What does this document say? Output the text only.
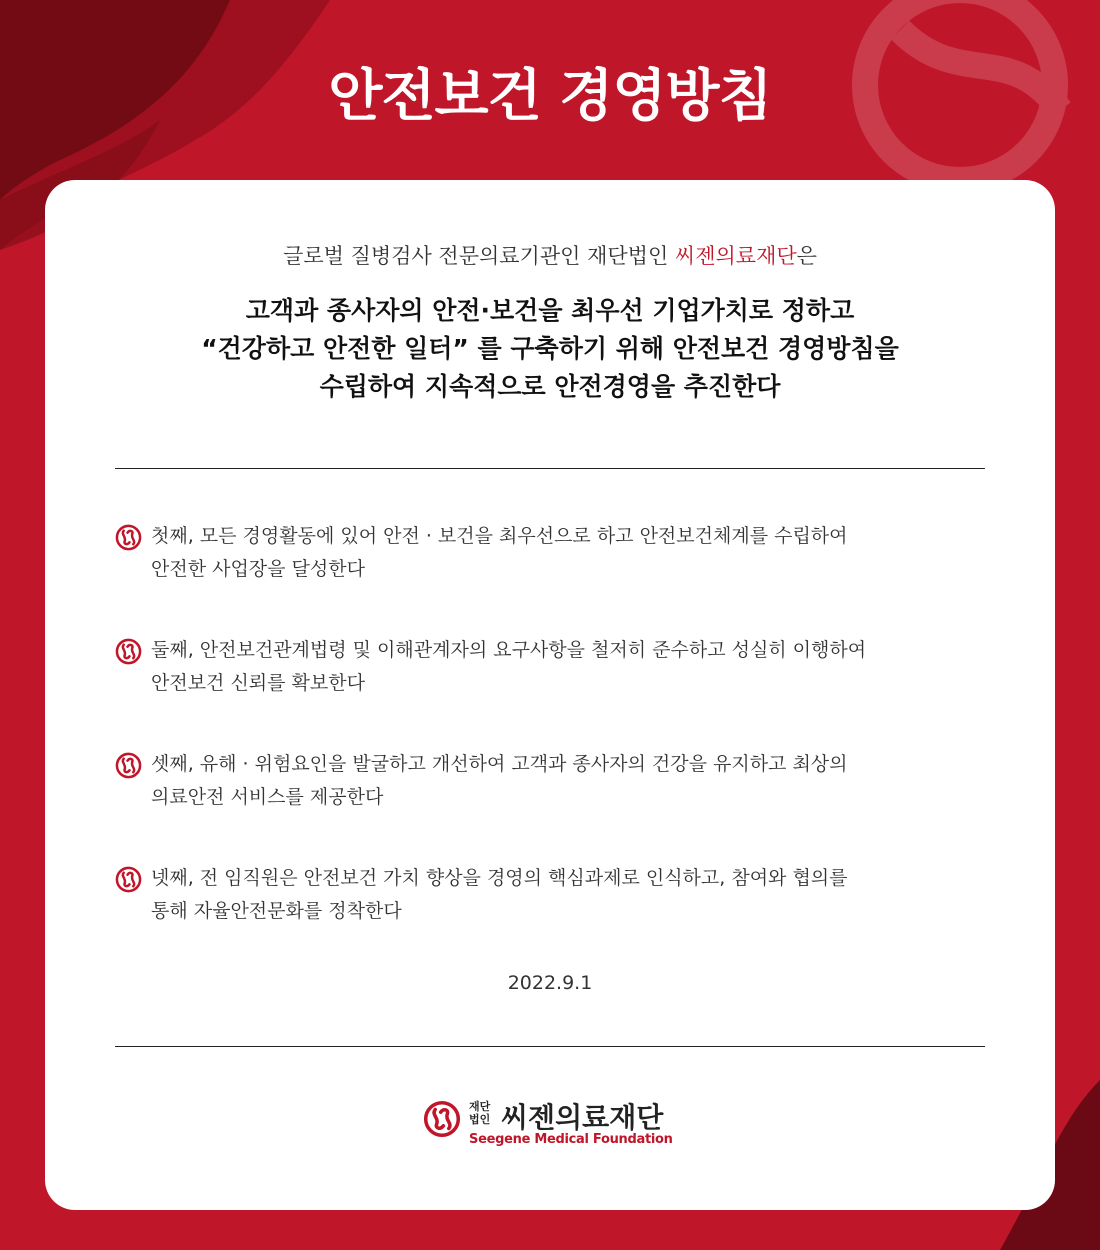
안전보건 경영방침
글로벌 질병검사 전문의료기관인 재단법인 씨젠의료재단은
고객과 종사자의 안전·보건을 최우선 기업가치로 정하고
“건강하고 안전한 일터” 를 구축하기 위해 안전보건 경영방침을
수립하여 지속적으로 안전경영을 추진한다
첫째, 모든 경영활동에 있어 안전 · 보건을 최우선으로 하고 안전보건체계를 수립하여
안전한 사업장을 달성한다
둘째, 안전보건관계법령 및 이해관계자의 요구사항을 철저히 준수하고 성실히 이행하여
안전보건 신뢰를 확보한다
셋째, 유해 · 위험요인을 발굴하고 개선하여 고객과 종사자의 건강을 유지하고 최상의
의료안전 서비스를 제공한다
넷째, 전 임직원은 안전보건 가치 향상을 경영의 핵심과제로 인식하고, 참여와 협의를
통해 자율안전문화를 정착한다
2022.9.1
재단
법인 씨젠의료재단
Seegene Medical Foundation
